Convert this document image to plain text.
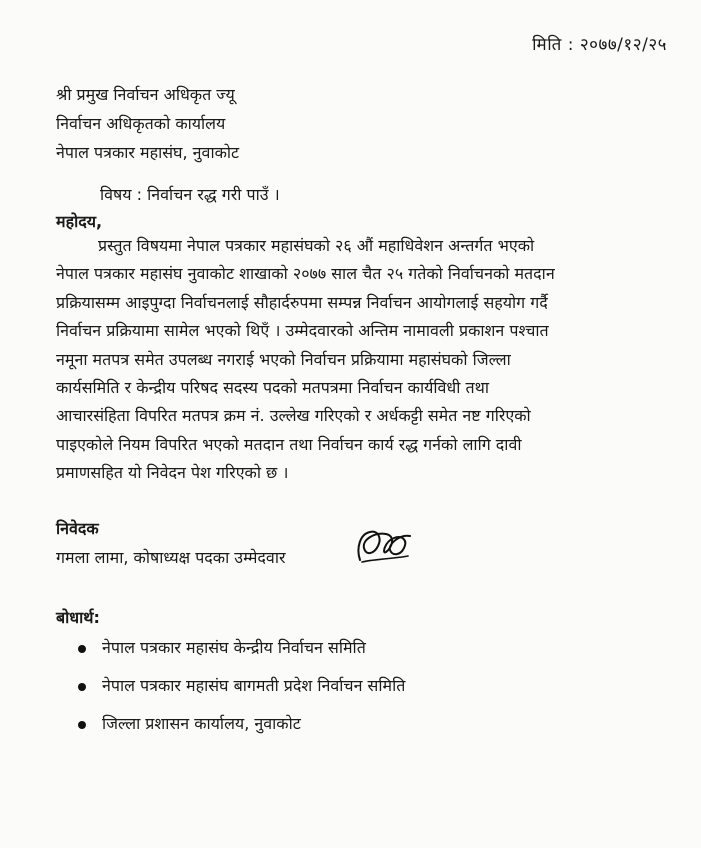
मिति : २०७७/१२/२५
श्री प्रमुख निर्वाचन अधिकृत ज्यू
निर्वाचन अधिकृतको कार्यालय
नेपाल पत्रकार महासंघ, नुवाकोट
विषय : निर्वाचन रद्ध गरी पाउँ ।
महोदय,
प्रस्तुत विषयमा नेपाल पत्रकार महासंघको २६ औं महाधिवेशन अन्तर्गत भएको
नेपाल पत्रकार महासंघ नुवाकोट शाखाको २०७७ साल चैत २५ गतेको निर्वाचनको मतदान
प्रक्रियासम्म आइपुग्दा निर्वाचनलाई सौहार्दरुपमा सम्पन्न निर्वाचन आयोगलाई सहयोग गर्दै
निर्वाचन प्रक्रियामा सामेल भएको थिएँ । उम्मेदवारको अन्तिम नामावली प्रकाशन पश्चात
नमूना मतपत्र समेत उपलब्ध नगराई भएको निर्वाचन प्रक्रियामा महासंघको जिल्ला
कार्यसमिति र केन्द्रीय परिषद सदस्य पदको मतपत्रमा निर्वाचन कार्यविधी तथा
आचारसंहिता विपरित मतपत्र क्रम नं. उल्लेख गरिएको र अर्धकट्टी समेत नष्ट गरिएको
पाइएकोले नियम विपरित भएको मतदान तथा निर्वाचन कार्य रद्ध गर्नको लागि दावी
प्रमाणसहित यो निवेदन पेश गरिएको छ ।
निवेदक
गमला लामा, कोषाध्यक्ष पदका उम्मेदवार
बोधार्थ:
नेपाल पत्रकार महासंघ केन्द्रीय निर्वाचन समिति
नेपाल पत्रकार महासंघ बागमती प्रदेश निर्वाचन समिति
जिल्ला प्रशासन कार्यालय, नुवाकोट
